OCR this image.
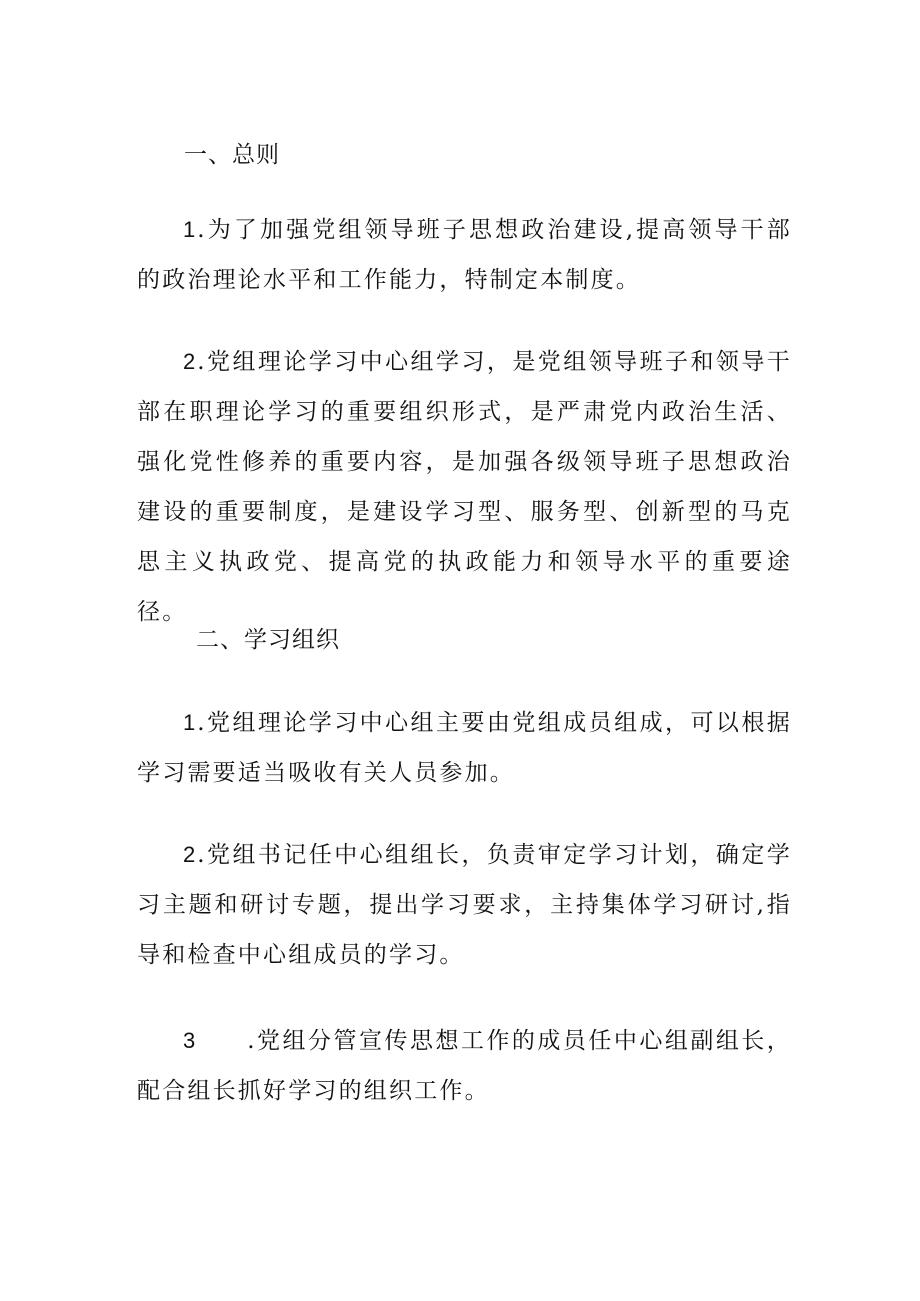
一、总则
1.为了加强党组领导班子思想政治建设,提高领导干部的政治理论水平和工作能力，特制定本制度。
2.党组理论学习中心组学习，是党组领导班子和领导干部在职理论学习的重要组织形式，是严肃党内政治生活、强化党性修养的重要内容，是加强各级领导班子思想政治建设的重要制度，是建设学习型、服务型、创新型的马克思主义执政党、提高党的执政能力和领导水平的重要途径。
二、学习组织
1.党组理论学习中心组主要由党组成员组成，可以根据学习需要适当吸收有关人员参加。
2.党组书记任中心组组长，负责审定学习计划，确定学习主题和研讨专题，提出学习要求，主持集体学习研讨,指导和检查中心组成员的学习。
3 .党组分管宣传思想工作的成员任中心组副组长，配合组长抓好学习的组织工作。
